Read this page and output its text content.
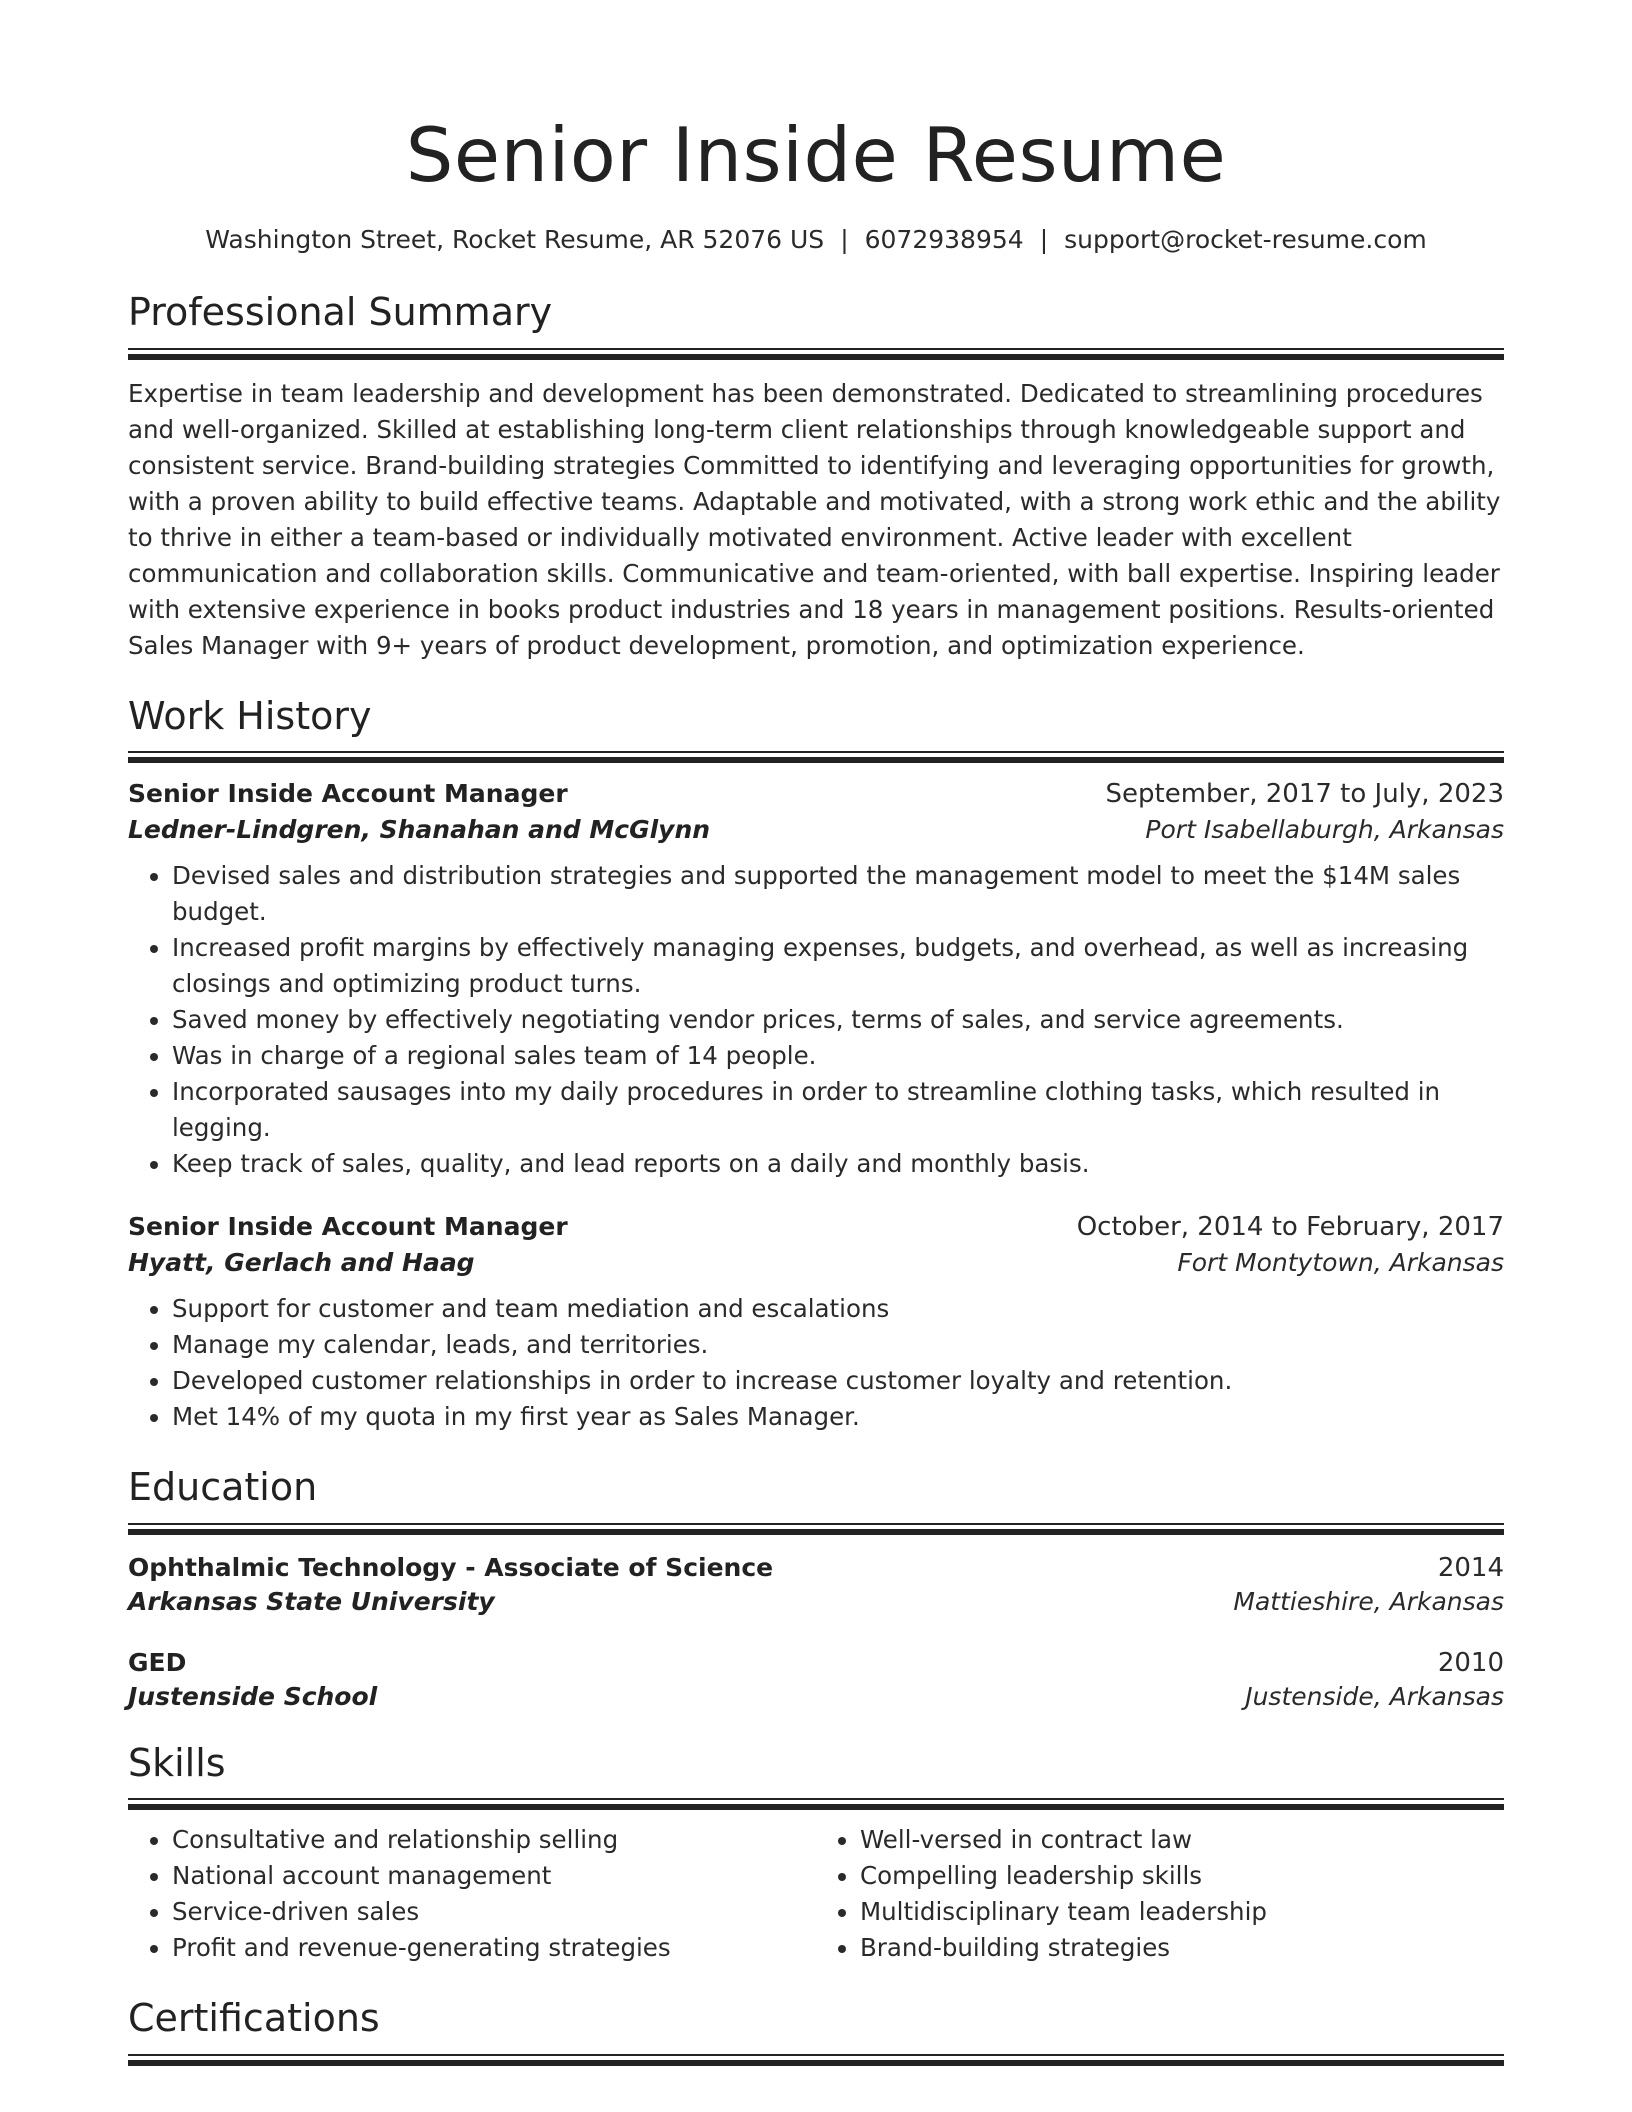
Senior Inside Resume
Washington Street, Rocket Resume, AR 52076 US | 6072938954 | support@rocket-resume.com
Professional Summary
Expertise in team leadership and development has been demonstrated. Dedicated to streamlining procedures and well-organized. Skilled at establishing long-term client relationships through knowledgeable support and consistent service. Brand-building strategies Committed to identifying and leveraging opportunities for growth, with a proven ability to build effective teams. Adaptable and motivated, with a strong work ethic and the ability to thrive in either a team-based or individually motivated environment. Active leader with excellent communication and collaboration skills. Communicative and team-oriented, with ball expertise. Inspiring leader with extensive experience in books product industries and 18 years in management positions. Results-oriented Sales Manager with 9+ years of product development, promotion, and optimization experience.
Work History
Senior Inside Account Manager	September, 2017 to July, 2023
Ledner-Lindgren, Shanahan and McGlynn	Port Isabellaburgh, Arkansas
• Devised sales and distribution strategies and supported the management model to meet the $14M sales budget.
• Increased profit margins by effectively managing expenses, budgets, and overhead, as well as increasing closings and optimizing product turns.
• Saved money by effectively negotiating vendor prices, terms of sales, and service agreements.
• Was in charge of a regional sales team of 14 people.
• Incorporated sausages into my daily procedures in order to streamline clothing tasks, which resulted in legging.
• Keep track of sales, quality, and lead reports on a daily and monthly basis.
Senior Inside Account Manager	October, 2014 to February, 2017
Hyatt, Gerlach and Haag	Fort Montytown, Arkansas
• Support for customer and team mediation and escalations
• Manage my calendar, leads, and territories.
• Developed customer relationships in order to increase customer loyalty and retention.
• Met 14% of my quota in my first year as Sales Manager.
Education
Ophthalmic Technology - Associate of Science	2014
Arkansas State University	Mattieshire, Arkansas
GED	2010
Justenside School	Justenside, Arkansas
Skills
• Consultative and relationship selling
• National account management
• Service-driven sales
• Profit and revenue-generating strategies
• Well-versed in contract law
• Compelling leadership skills
• Multidisciplinary team leadership
• Brand-building strategies
Certifications
